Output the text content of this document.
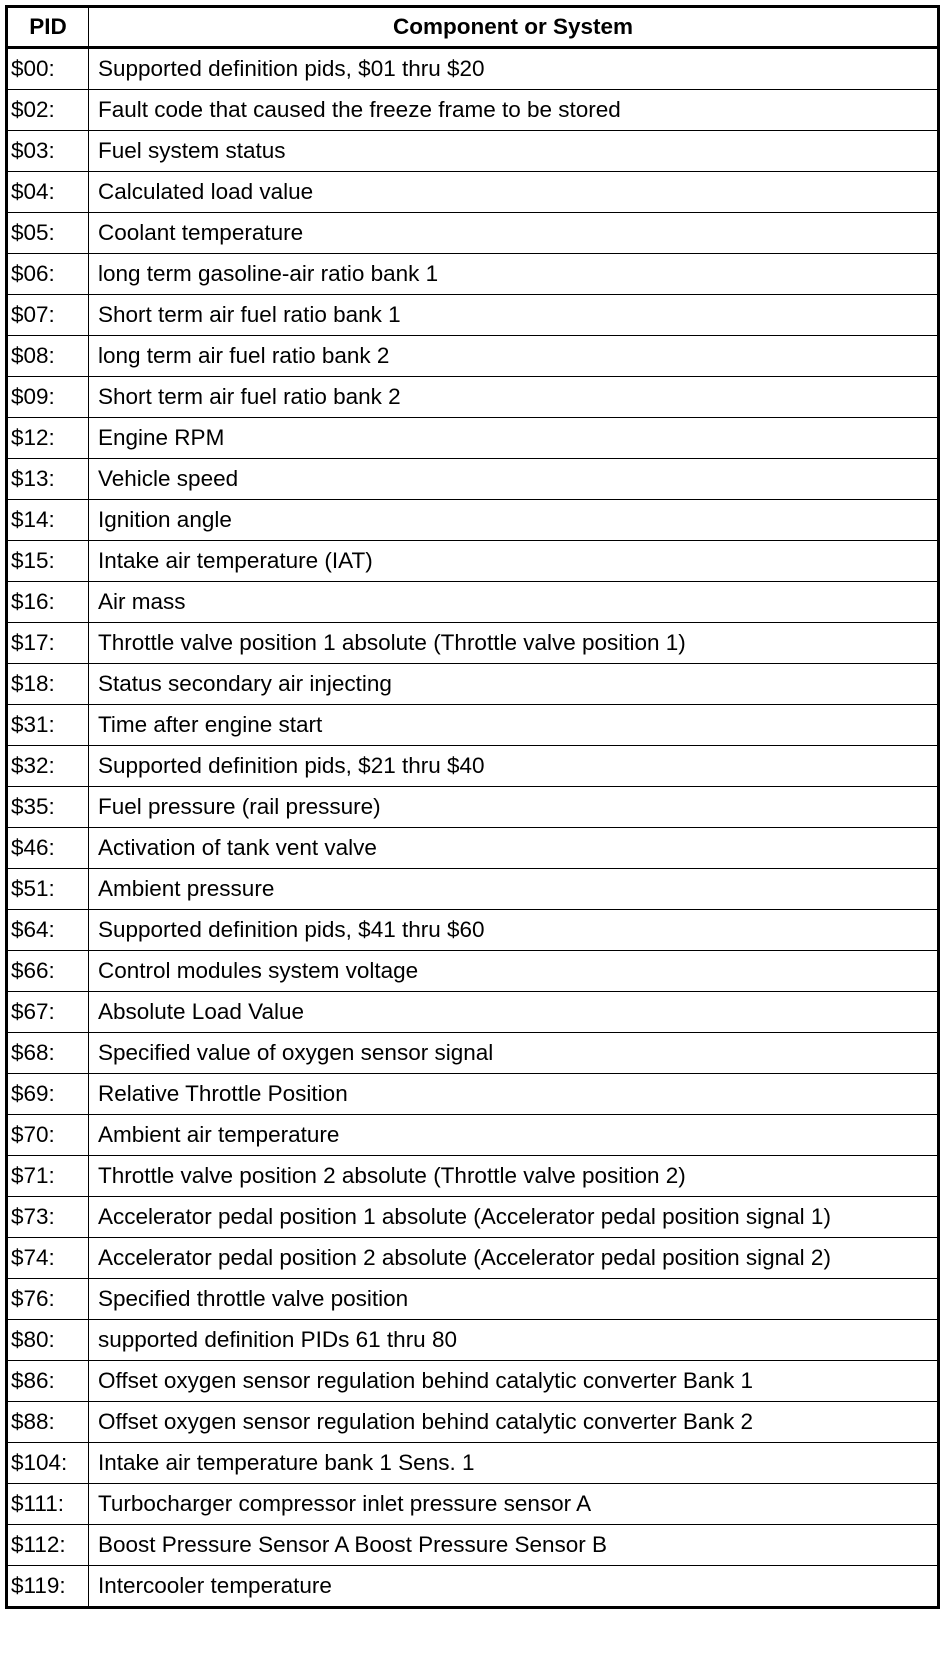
PID	Component or System
$00:	Supported definition pids, $01 thru $20
$02:	Fault code that caused the freeze frame to be stored
$03:	Fuel system status
$04:	Calculated load value
$05:	Coolant temperature
$06:	long term gasoline-air ratio bank 1
$07:	Short term air fuel ratio bank 1
$08:	long term air fuel ratio bank 2
$09:	Short term air fuel ratio bank 2
$12:	Engine RPM
$13:	Vehicle speed
$14:	Ignition angle
$15:	Intake air temperature (IAT)
$16:	Air mass
$17:	Throttle valve position 1 absolute (Throttle valve position 1)
$18:	Status secondary air injecting
$31:	Time after engine start
$32:	Supported definition pids, $21 thru $40
$35:	Fuel pressure (rail pressure)
$46:	Activation of tank vent valve
$51:	Ambient pressure
$64:	Supported definition pids, $41 thru $60
$66:	Control modules system voltage
$67:	Absolute Load Value
$68:	Specified value of oxygen sensor signal
$69:	Relative Throttle Position
$70:	Ambient air temperature
$71:	Throttle valve position 2 absolute (Throttle valve position 2)
$73:	Accelerator pedal position 1 absolute (Accelerator pedal position signal 1)
$74:	Accelerator pedal position 2 absolute (Accelerator pedal position signal 2)
$76:	Specified throttle valve position
$80:	supported definition PIDs 61 thru 80
$86:	Offset oxygen sensor regulation behind catalytic converter Bank 1
$88:	Offset oxygen sensor regulation behind catalytic converter Bank 2
$104:	Intake air temperature bank 1 Sens. 1
$111:	Turbocharger compressor inlet pressure sensor A
$112:	Boost Pressure Sensor A Boost Pressure Sensor B
$119:	Intercooler temperature
